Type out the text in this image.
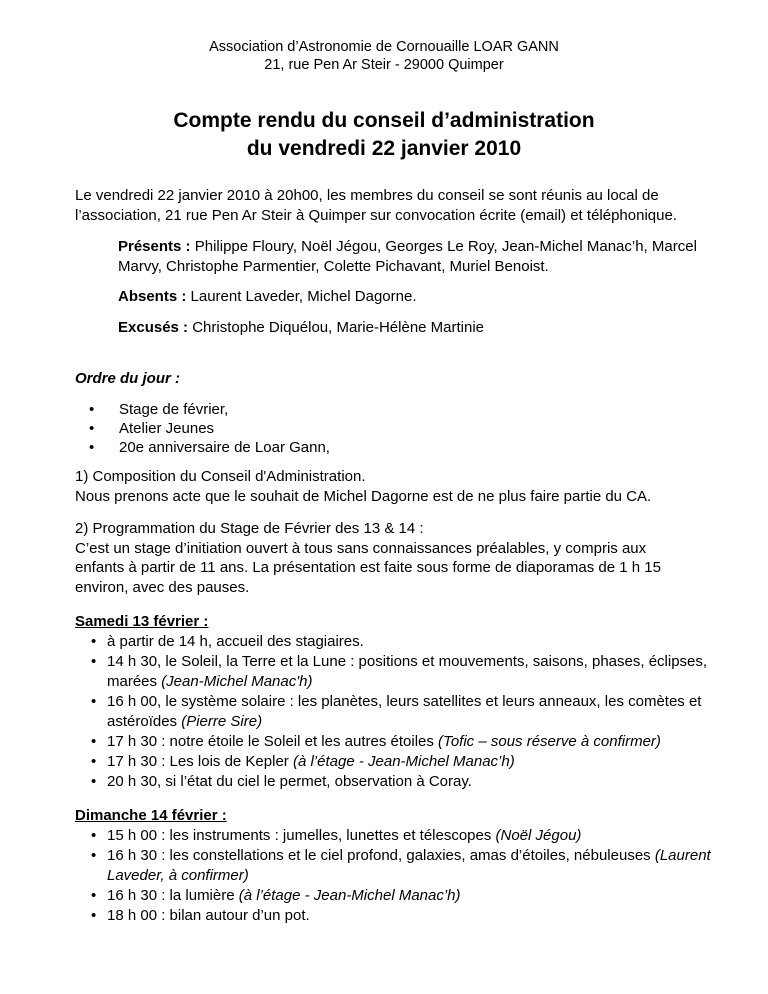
Association d’Astronomie de Cornouaille LOAR GANN
21, rue Pen Ar Steir - 29000 Quimper
Compte rendu du conseil d’administration
du vendredi 22 janvier 2010
Le vendredi 22 janvier 2010 à 20h00, les membres du conseil se sont réunis au local de l’association, 21 rue Pen Ar Steir à Quimper sur convocation écrite (email) et téléphonique.
Présents : Philippe Floury, Noël Jégou, Georges Le Roy, Jean-Michel Manac’h, Marcel Marvy, Christophe Parmentier, Colette Pichavant, Muriel Benoist.
Absents : Laurent Laveder, Michel Dagorne.
Excusés : Christophe Diquélou, Marie-Hélène Martinie
Ordre du jour :
• Stage de février,
• Atelier Jeunes
• 20e anniversaire de Loar Gann,
1) Composition du Conseil d'Administration.
Nous prenons acte que le souhait de Michel Dagorne est de ne plus faire partie du CA.
2) Programmation du Stage de Février des 13 & 14 :
C’est un stage d’initiation ouvert à tous sans connaissances préalables, y compris aux enfants à partir de 11 ans. La présentation est faite sous forme de diaporamas de 1 h 15 environ, avec des pauses.
Samedi 13 février :
• à partir de 14 h, accueil des stagiaires.
• 14 h 30, le Soleil, la Terre et la Lune : positions et mouvements, saisons, phases, éclipses, marées (Jean-Michel Manac'h)
• 16 h 00, le système solaire : les planètes, leurs satellites et leurs anneaux, les comètes et astéroïdes (Pierre Sire)
• 17 h 30 : notre étoile le Soleil et les autres étoiles (Tofic – sous réserve à confirmer)
• 17 h 30 : Les lois de Kepler (à l’étage - Jean-Michel Manac’h)
• 20 h 30, si l’état du ciel le permet, observation à Coray.
Dimanche 14 février :
• 15 h 00 : les instruments : jumelles, lunettes et télescopes (Noël Jégou)
• 16 h 30 : les constellations et le ciel profond, galaxies, amas d’étoiles, nébuleuses (Laurent Laveder, à confirmer)
• 16 h 30 : la lumière (à l’étage - Jean-Michel Manac’h)
• 18 h 00 : bilan autour d’un pot.
